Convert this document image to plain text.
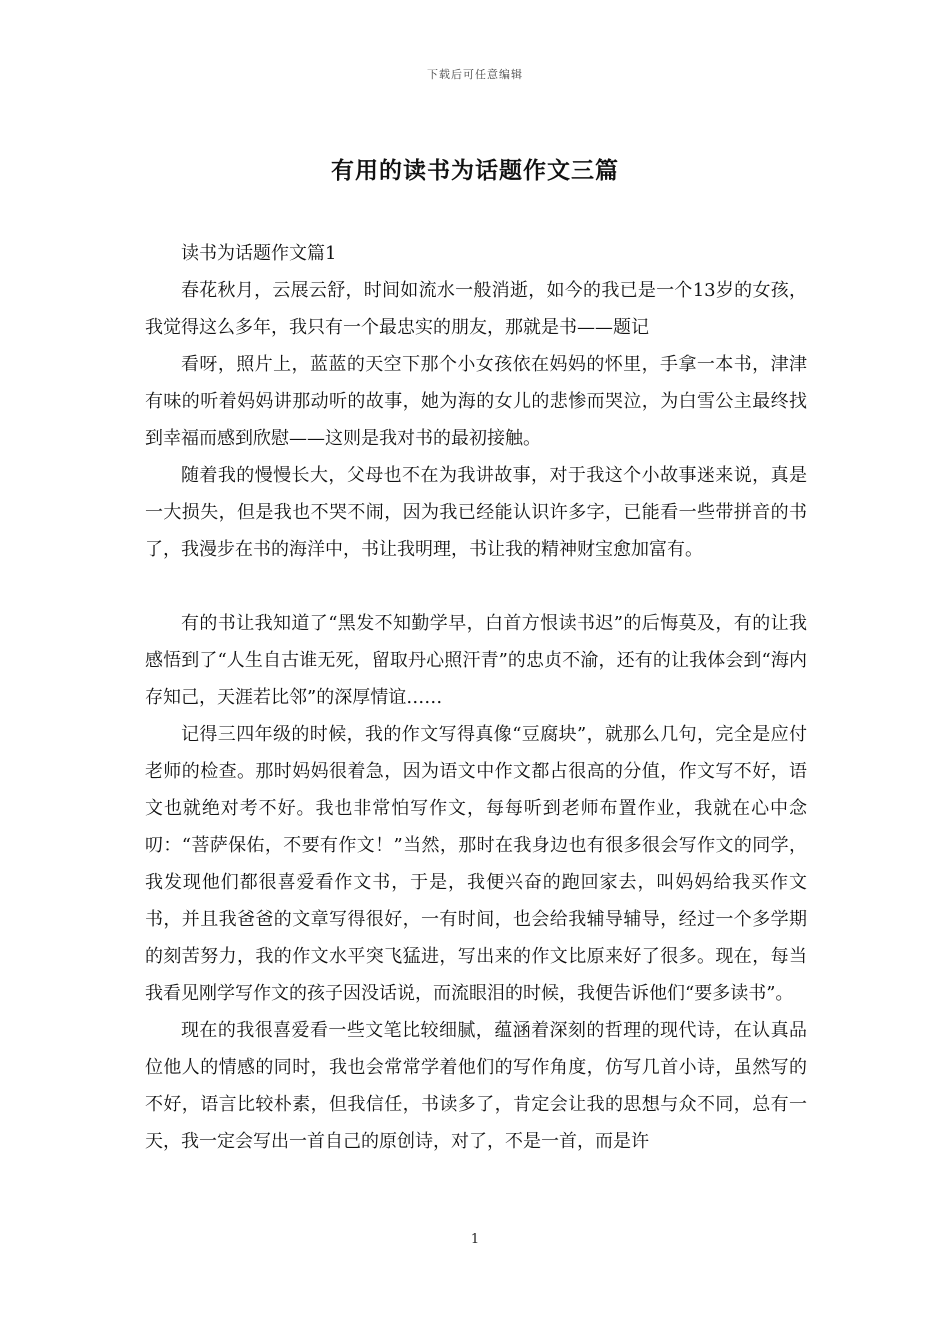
下载后可任意编辑
有用的读书为话题作文三篇

读书为话题作文篇1

春花秋月，云展云舒，时间如流水一般消逝，如今的我已是一个13岁的女孩，我觉得这么多年，我只有一个最忠实的朋友，那就是书——题记

看呀，照片上，蓝蓝的天空下那个小女孩依在妈妈的怀里，手拿一本书，津津有味的听着妈妈讲那动听的故事，她为海的女儿的悲惨而哭泣，为白雪公主最终找到幸福而感到欣慰——这则是我对书的最初接触。

随着我的慢慢长大，父母也不在为我讲故事，对于我这个小故事迷来说，真是一大损失，但是我也不哭不闹，因为我已经能认识许多字，已能看一些带拼音的书了，我漫步在书的海洋中，书让我明理，书让我的精神财宝愈加富有。

有的书让我知道了“黑发不知勤学早，白首方恨读书迟”的后悔莫及，有的让我感悟到了“人生自古谁无死，留取丹心照汗青”的忠贞不渝，还有的让我体会到“海内存知己，天涯若比邻”的深厚情谊……

记得三四年级的时候，我的作文写得真像“豆腐块”，就那么几句，完全是应付老师的检查。那时妈妈很着急，因为语文中作文都占很高的分值，作文写不好，语文也就绝对考不好。我也非常怕写作文，每每听到老师布置作业，我就在心中念叨：“菩萨保佑，不要有作文！”当然，那时在我身边也有很多很会写作文的同学，我发现他们都很喜爱看作文书，于是，我便兴奋的跑回家去，叫妈妈给我买作文书，并且我爸爸的文章写得很好，一有时间，也会给我辅导辅导，经过一个多学期的刻苦努力，我的作文水平突飞猛进，写出来的作文比原来好了很多。现在，每当我看见刚学写作文的孩子因没话说，而流眼泪的时候，我便告诉他们“要多读书”。

现在的我很喜爱看一些文笔比较细腻，蕴涵着深刻的哲理的现代诗，在认真品位他人的情感的同时，我也会常常学着他们的写作角度，仿写几首小诗，虽然写的不好，语言比较朴素，但我信任，书读多了，肯定会让我的思想与众不同，总有一天，我一定会写出一首自己的原创诗，对了，不是一首，而是许

1
